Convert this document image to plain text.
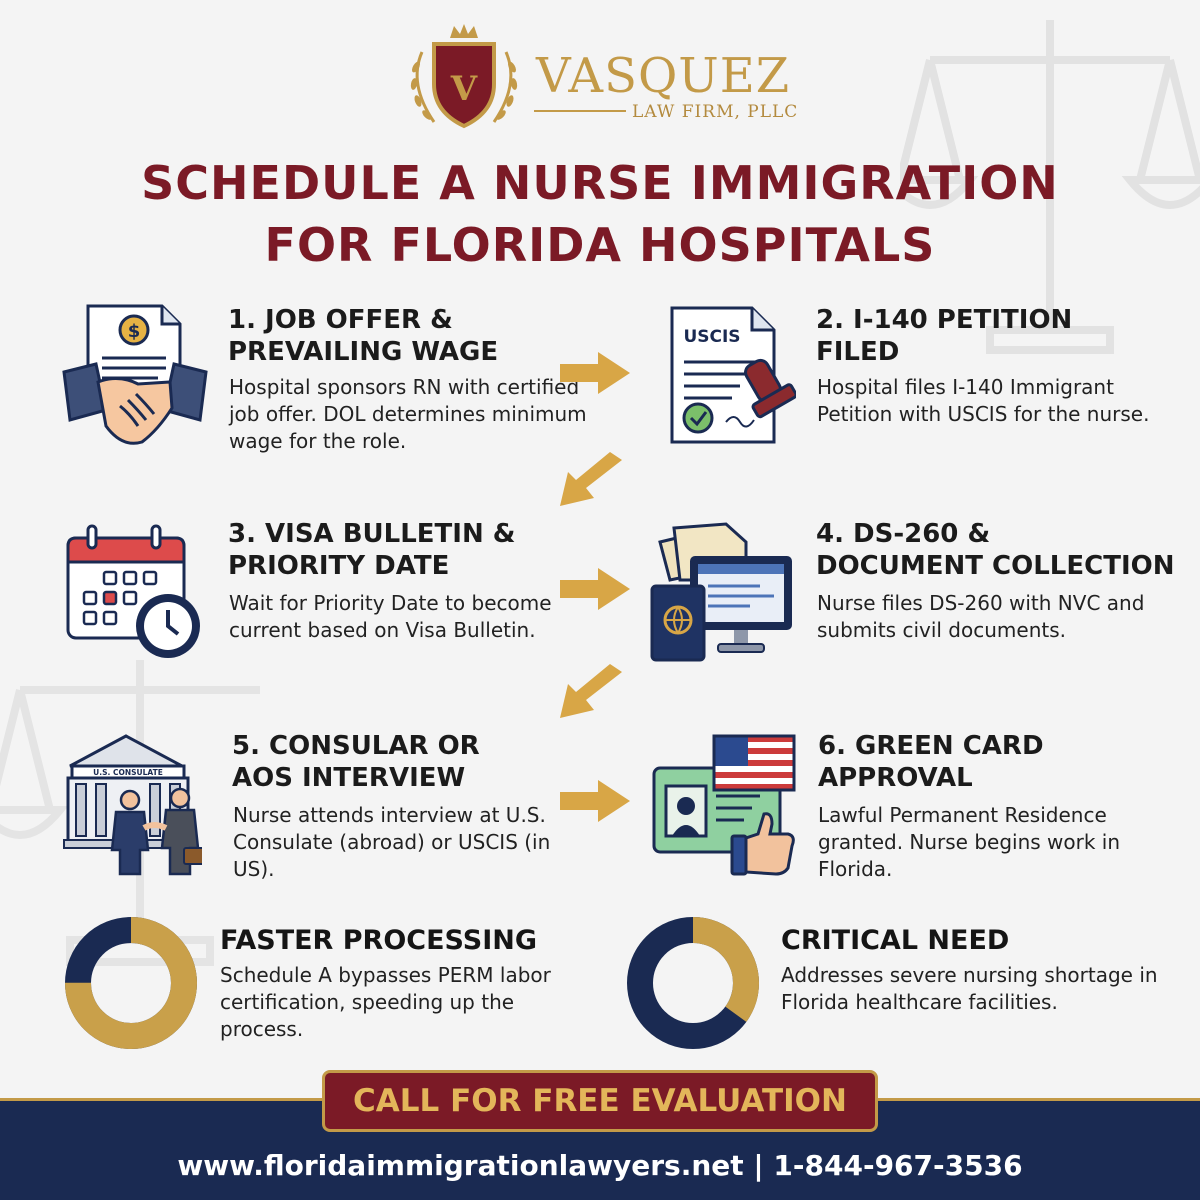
V VASQUEZ
LAW FIRM, PLLC
SCHEDULE A NURSE IMMIGRATION
FOR FLORIDA HOSPITALS
$	1. JOB OFFER &
PREVAILING WAGE
Hospital sponsors RN with certified job offer. DOL determines minimum wage for the role.
USCIS
2. I-140 PETITION
FILED
Hospital files I-140 Immigrant Petition with USCIS for the nurse.
3. VISA BULLETIN &
PRIORITY DATE
Wait for Priority Date to become current based on Visa Bulletin.
4. DS-260 &
DOCUMENT COLLECTION
Nurse files DS-260 with NVC and submits civil documents.
U.S. CONSULATE
5. CONSULAR OR
AOS INTERVIEW
Nurse attends interview at U.S. Consulate (abroad) or USCIS (in US).
6. GREEN CARD
APPROVAL
Lawful Permanent Residence granted. Nurse begins work in Florida.
FASTER PROCESSING
Schedule A bypasses PERM labor certification, speeding up the process.
CRITICAL NEED
Addresses severe nursing shortage in Florida healthcare facilities.
CALL FOR FREE EVALUATION
www.floridaimmigrationlawyers.net | 1-844-967-3536
